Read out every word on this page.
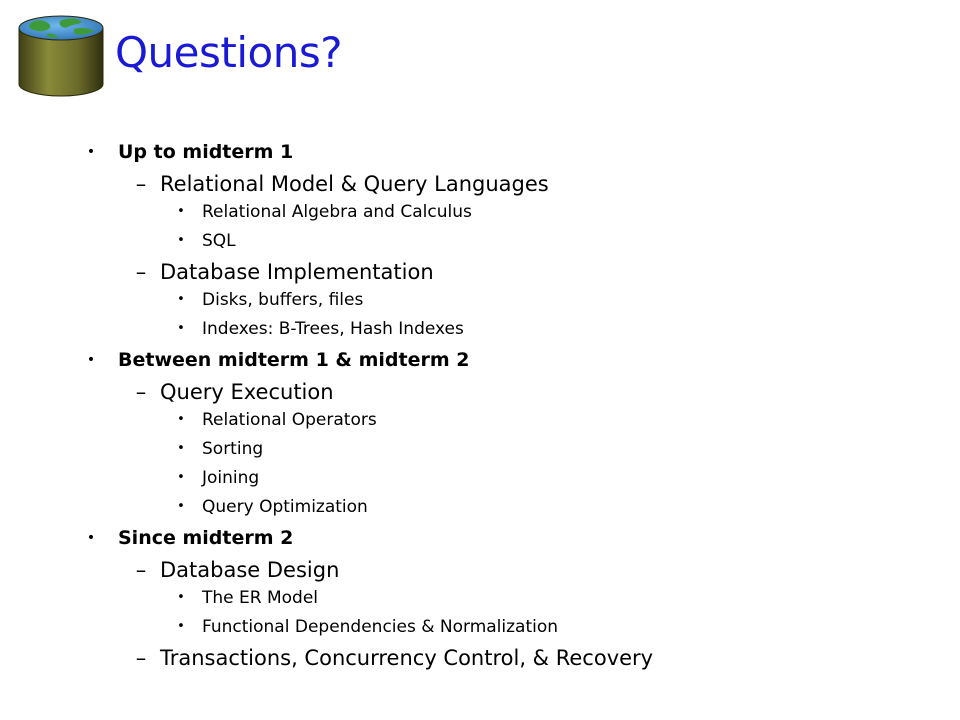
Questions?
• Up to midterm 1
– Relational Model & Query Languages
• Relational Algebra and Calculus
• SQL
– Database Implementation
• Disks, buffers, files
• Indexes: B-Trees, Hash Indexes
• Between midterm 1 & midterm 2
– Query Execution
• Relational Operators
• Sorting
• Joining
• Query Optimization
• Since midterm 2
– Database Design
• The ER Model
• Functional Dependencies & Normalization
– Transactions, Concurrency Control, & Recovery
